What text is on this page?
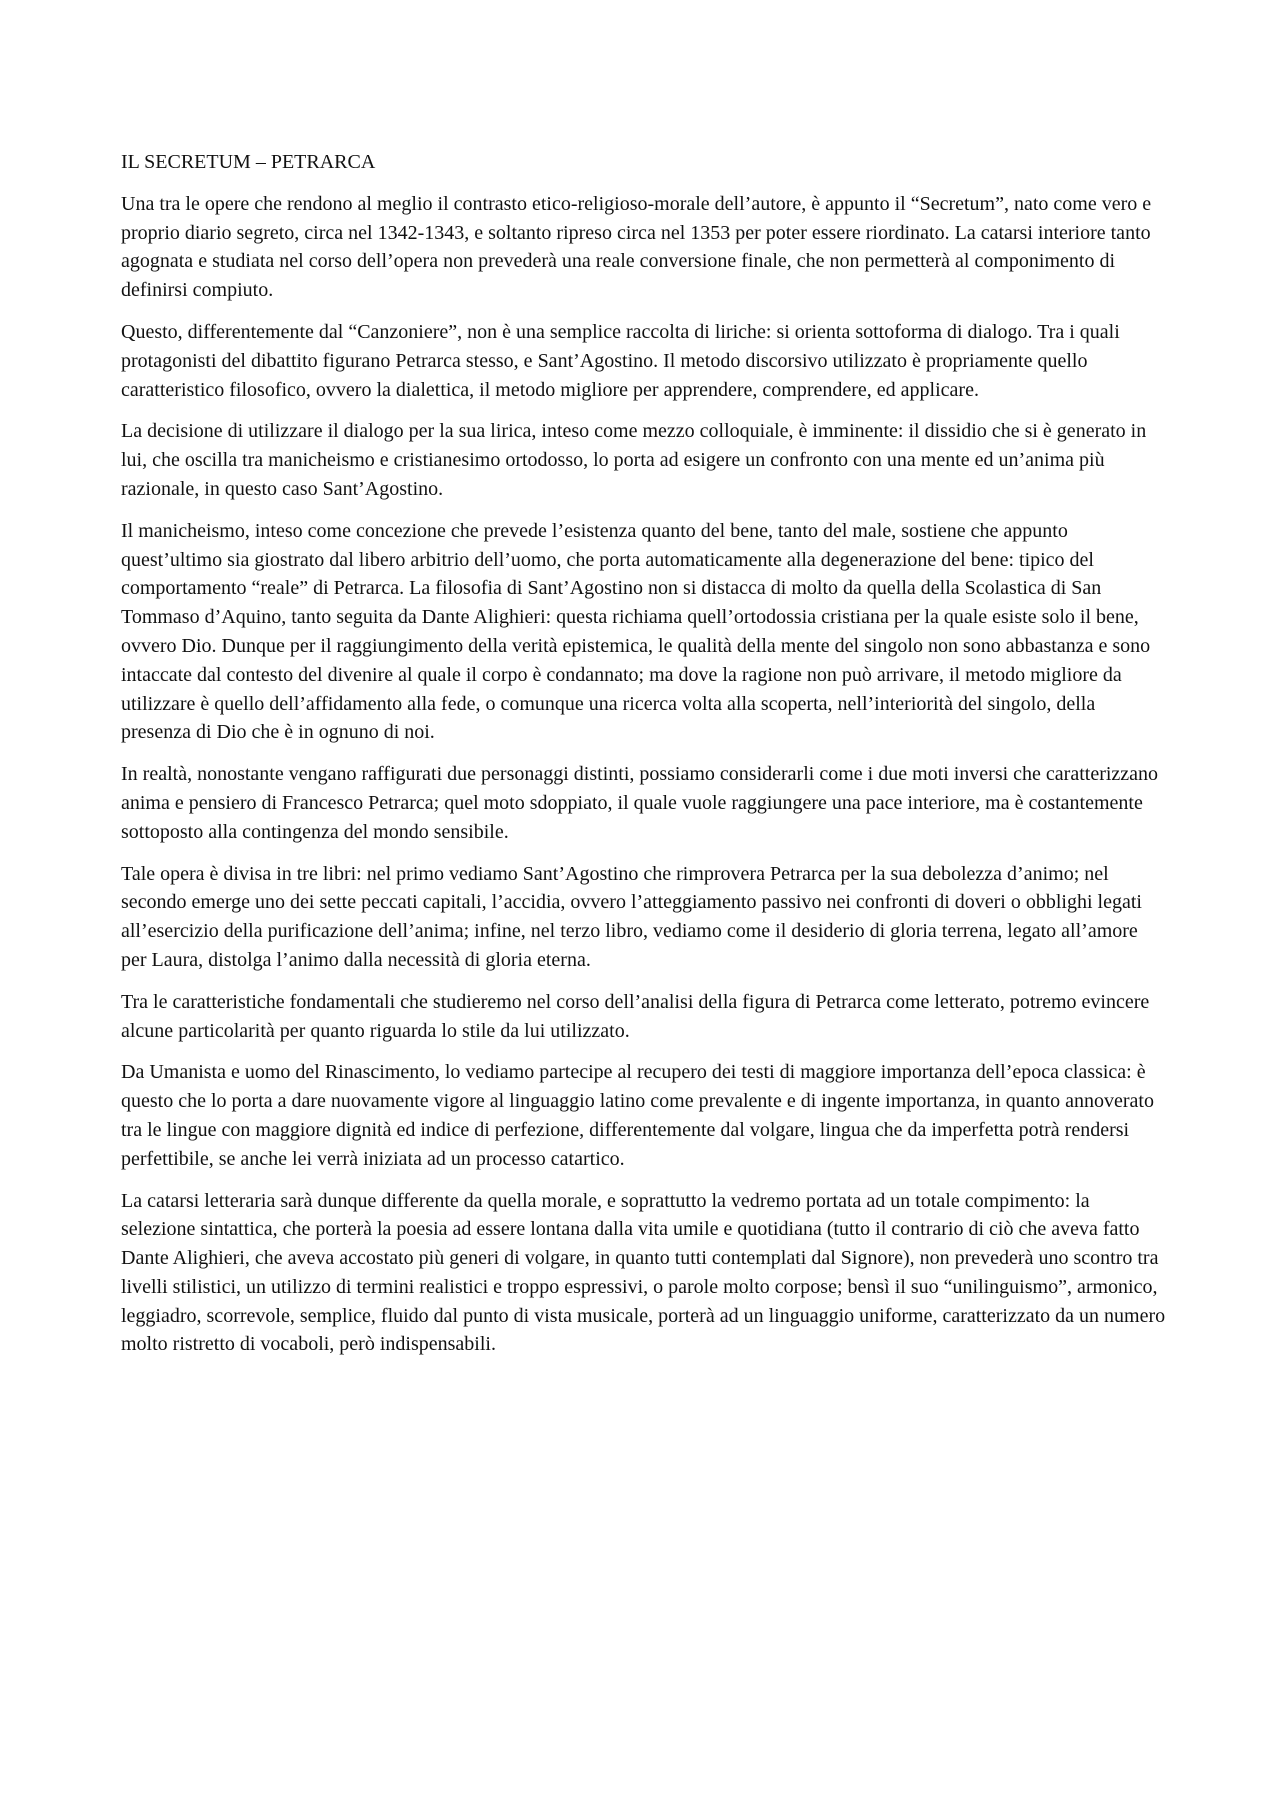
IL SECRETUM – PETRARCA

Una tra le opere che rendono al meglio il contrasto etico-religioso-morale dell’autore, è appunto il “Secretum”, nato come vero e proprio diario segreto, circa nel 1342-1343, e soltanto ripreso circa nel 1353 per poter essere riordinato. La catarsi interiore tanto agognata e studiata nel corso dell’opera non prevederà una reale conversione finale, che non permetterà al componimento di definirsi compiuto.

Questo, differentemente dal “Canzoniere”, non è una semplice raccolta di liriche: si orienta sottoforma di dialogo. Tra i quali protagonisti del dibattito figurano Petrarca stesso, e Sant’Agostino. Il metodo discorsivo utilizzato è propriamente quello caratteristico filosofico, ovvero la dialettica, il metodo migliore per apprendere, comprendere, ed applicare.

La decisione di utilizzare il dialogo per la sua lirica, inteso come mezzo colloquiale, è imminente: il dissidio che si è generato in lui, che oscilla tra manicheismo e cristianesimo ortodosso, lo porta ad esigere un confronto con una mente ed un’anima più razionale, in questo caso Sant’Agostino.

Il manicheismo, inteso come concezione che prevede l’esistenza quanto del bene, tanto del male, sostiene che appunto quest’ultimo sia giostrato dal libero arbitrio dell’uomo, che porta automaticamente alla degenerazione del bene: tipico del comportamento “reale” di Petrarca. La filosofia di Sant’Agostino non si distacca di molto da quella della Scolastica di San Tommaso d’Aquino, tanto seguita da Dante Alighieri: questa richiama quell’ortodossia cristiana per la quale esiste solo il bene, ovvero Dio. Dunque per il raggiungimento della verità epistemica, le qualità della mente del singolo non sono abbastanza e sono intaccate dal contesto del divenire al quale il corpo è condannato; ma dove la ragione non può arrivare, il metodo migliore da utilizzare è quello dell’affidamento alla fede, o comunque una ricerca volta alla scoperta, nell’interiorità del singolo, della presenza di Dio che è in ognuno di noi.

In realtà, nonostante vengano raffigurati due personaggi distinti, possiamo considerarli come i due moti inversi che caratterizzano anima e pensiero di Francesco Petrarca; quel moto sdoppiato, il quale vuole raggiungere una pace interiore, ma è costantemente sottoposto alla contingenza del mondo sensibile.

Tale opera è divisa in tre libri: nel primo vediamo Sant’Agostino che rimprovera Petrarca per la sua debolezza d’animo; nel secondo emerge uno dei sette peccati capitali, l’accidia, ovvero l’atteggiamento passivo nei confronti di doveri o obblighi legati all’esercizio della purificazione dell’anima; infine, nel terzo libro, vediamo come il desiderio di gloria terrena, legato all’amore per Laura, distolga l’animo dalla necessità di gloria eterna.

Tra le caratteristiche fondamentali che studieremo nel corso dell’analisi della figura di Petrarca come letterato, potremo evincere alcune particolarità per quanto riguarda lo stile da lui utilizzato.

Da Umanista e uomo del Rinascimento, lo vediamo partecipe al recupero dei testi di maggiore importanza dell’epoca classica: è questo che lo porta a dare nuovamente vigore al linguaggio latino come prevalente e di ingente importanza, in quanto annoverato tra le lingue con maggiore dignità ed indice di perfezione, differentemente dal volgare, lingua che da imperfetta potrà rendersi perfettibile, se anche lei verrà iniziata ad un processo catartico.

La catarsi letteraria sarà dunque differente da quella morale, e soprattutto la vedremo portata ad un totale compimento: la selezione sintattica, che porterà la poesia ad essere lontana dalla vita umile e quotidiana (tutto il contrario di ciò che aveva fatto Dante Alighieri, che aveva accostato più generi di volgare, in quanto tutti contemplati dal Signore), non prevederà uno scontro tra livelli stilistici, un utilizzo di termini realistici e troppo espressivi, o parole molto corpose; bensì il suo “unilinguismo”, armonico, leggiadro, scorrevole, semplice, fluido dal punto di vista musicale, porterà ad un linguaggio uniforme, caratterizzato da un numero molto ristretto di vocaboli, però indispensabili.
